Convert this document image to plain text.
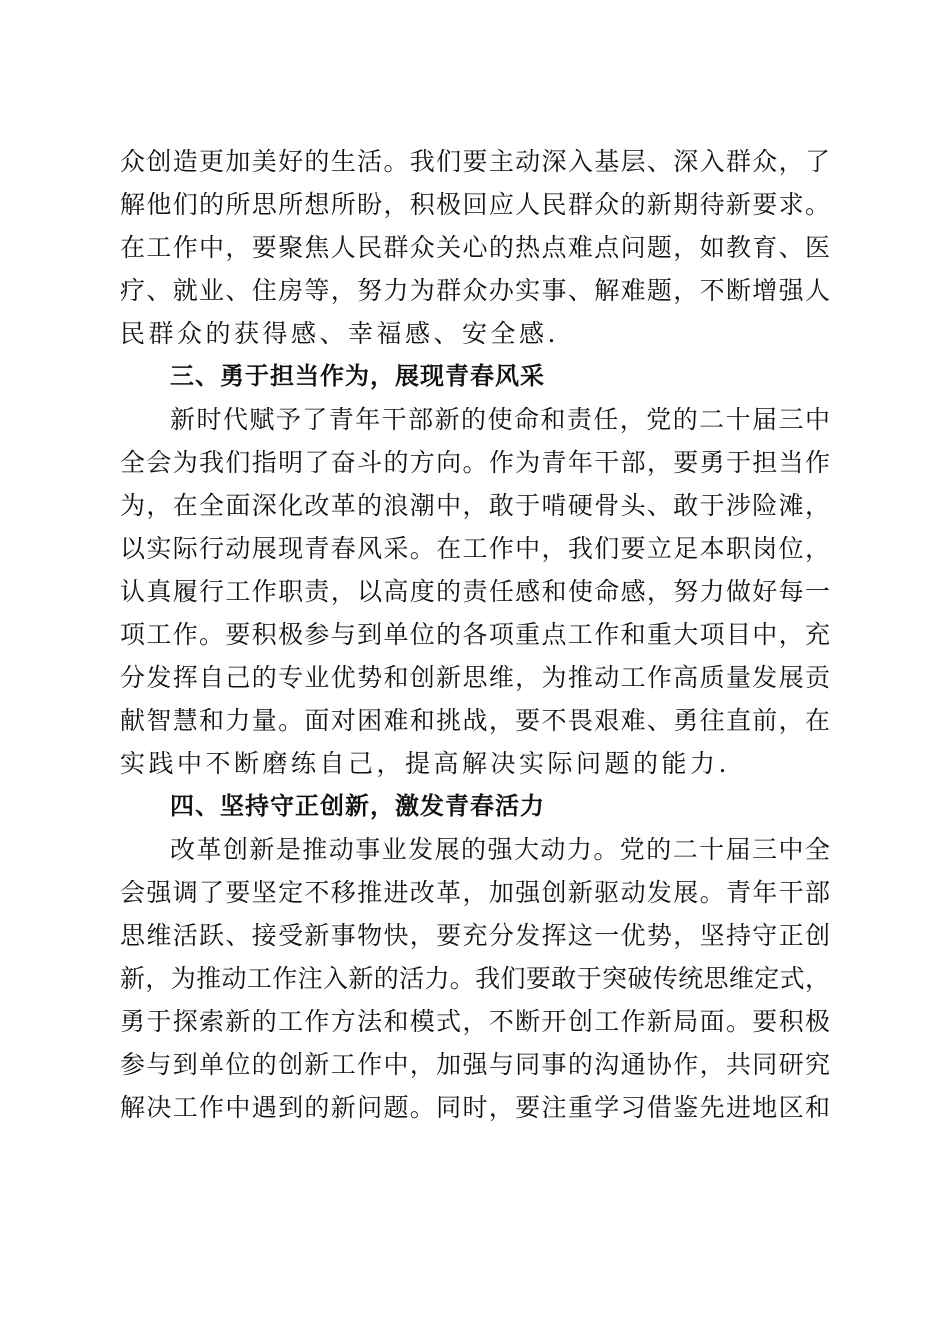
众创造更加美好的生活。我们要主动深入基层、深入群众，了
解他们的所思所想所盼，积极回应人民群众的新期待新要求。
在工作中，要聚焦人民群众关心的热点难点问题，如教育、医
疗、就业、住房等，努力为群众办实事、解难题，不断增强人
民群众的获得感、幸福感、安全感.
三、勇于担当作为，展现青春风采
新时代赋予了青年干部新的使命和责任，党的二十届三中
全会为我们指明了奋斗的方向。作为青年干部，要勇于担当作
为，在全面深化改革的浪潮中，敢于啃硬骨头、敢于涉险滩，
以实际行动展现青春风采。在工作中，我们要立足本职岗位，
认真履行工作职责，以高度的责任感和使命感，努力做好每一
项工作。要积极参与到单位的各项重点工作和重大项目中，充
分发挥自己的专业优势和创新思维，为推动工作高质量发展贡
献智慧和力量。面对困难和挑战，要不畏艰难、勇往直前，在
实践中不断磨练自己，提高解决实际问题的能力.
四、坚持守正创新，激发青春活力
改革创新是推动事业发展的强大动力。党的二十届三中全
会强调了要坚定不移推进改革，加强创新驱动发展。青年干部
思维活跃、接受新事物快，要充分发挥这一优势，坚持守正创
新，为推动工作注入新的活力。我们要敢于突破传统思维定式，
勇于探索新的工作方法和模式，不断开创工作新局面。要积极
参与到单位的创新工作中，加强与同事的沟通协作，共同研究
解决工作中遇到的新问题。同时，要注重学习借鉴先进地区和
